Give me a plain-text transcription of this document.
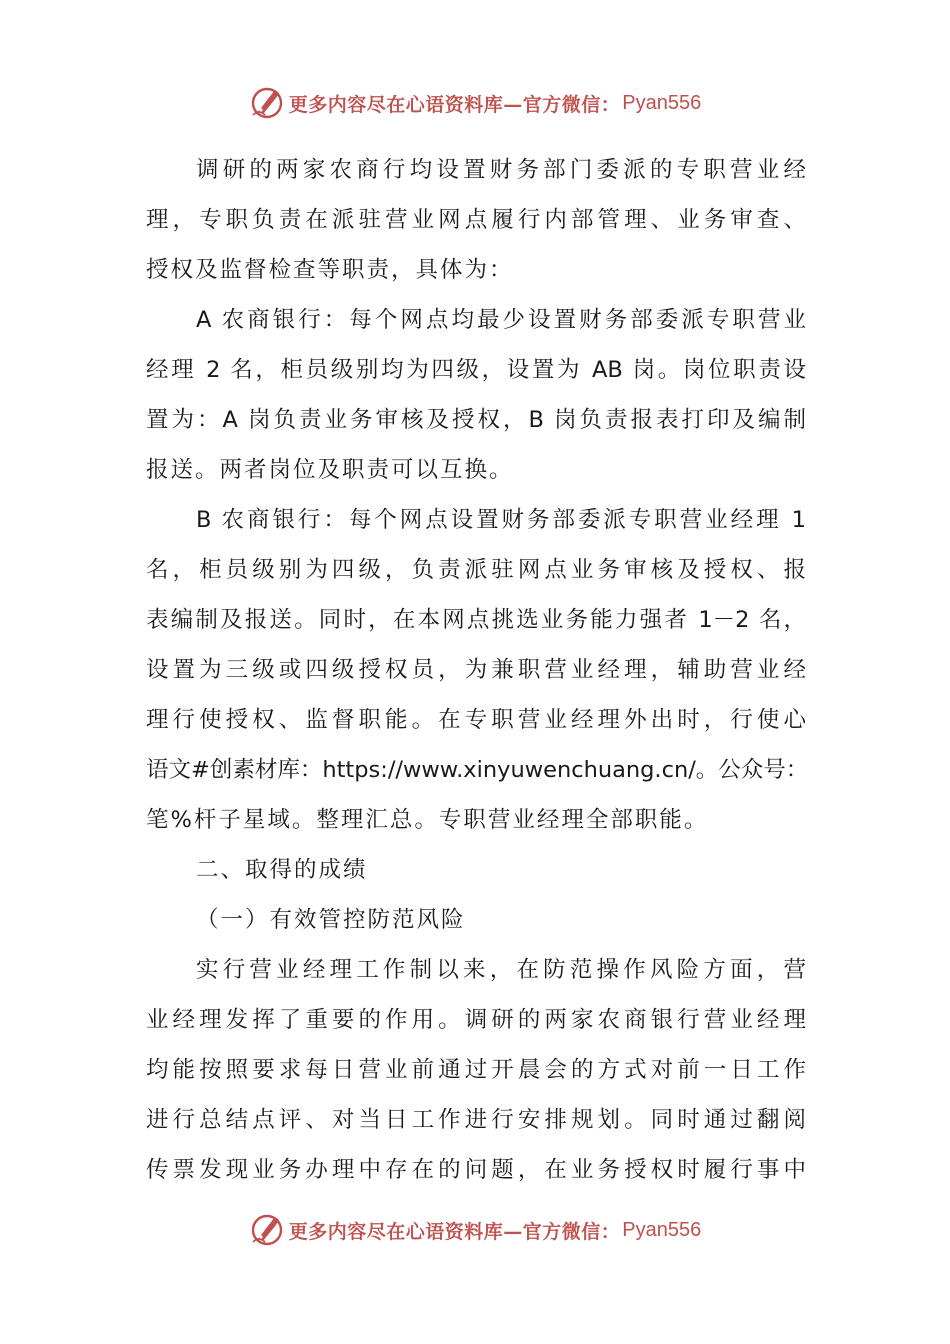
更多内容尽在心语资料库—官方微信： Pyan556
调研的两家农商行均设置财务部门委派的专职营业经
理，专职负责在派驻营业网点履行内部管理、业务审查、
授权及监督检查等职责，具体为：
A 农商银行：每个网点均最少设置财务部委派专职营业
经理 2 名，柜员级别均为四级，设置为 AB 岗。岗位职责设
置为：A 岗负责业务审核及授权，B 岗负责报表打印及编制
报送。两者岗位及职责可以互换。
B 农商银行：每个网点设置财务部委派专职营业经理 1
名，柜员级别为四级，负责派驻网点业务审核及授权、报
表编制及报送。同时，在本网点挑选业务能力强者 1－2 名，
设置为三级或四级授权员，为兼职营业经理，辅助营业经
理行使授权、监督职能。在专职营业经理外出时，行使心
语文#创素材库：https://www.xinyuwenchuang.cn/。公众号：
笔%杆子星域。整理汇总。专职营业经理全部职能。
二、取得的成绩
（一）有效管控防范风险
实行营业经理工作制以来，在防范操作风险方面，营
业经理发挥了重要的作用。调研的两家农商银行营业经理
均能按照要求每日营业前通过开晨会的方式对前一日工作
进行总结点评、对当日工作进行安排规划。同时通过翻阅
传票发现业务办理中存在的问题，在业务授权时履行事中
更多内容尽在心语资料库—官方微信： Pyan556
